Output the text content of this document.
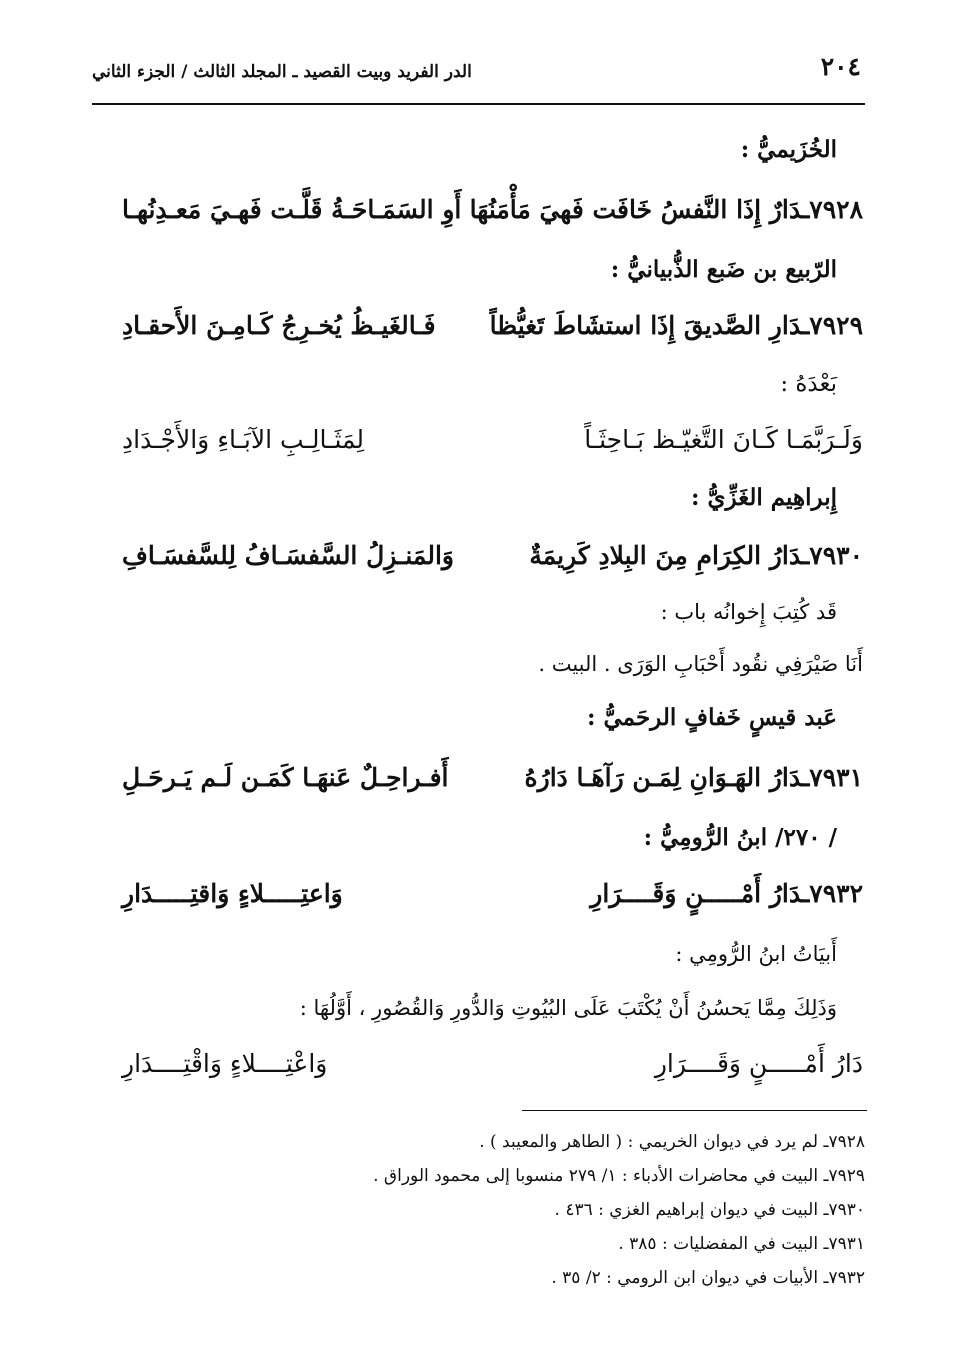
٢٠٤
الدر الفريد وبيت القصيد ـ المجلد الثالث / الجزء الثاني
الخُزَيميُّ :
٧٩٢٨ـدَارٌ إِذَا النَّفسُ خَافَت فَهيَ مَأْمَنُهَا
أَوِ السَمَـاحَـةُ قَلَّـت فَهـيَ مَعـدِنُهـا
الرّبيع بن ضَبع الذُّبيانيُّ :
٧٩٢٩ـدَارِ الصَّديقَ إِذَا استشَاطَ تَغيُّظاً
فَـالغَيـظُ يُخـرِجُ كَـامِـنَ الأَحقـادِ
بَعْدَهُ :
وَلَـرَبَّمَـا كَـانَ التَّغيّـظ بَـاحِثَـاً
لِمَثَـالِـبِ الآبَـاءِ وَالأَجْـدَادِ
إِبراهِيم الغَزِّيُّ :
٧٩٣٠ـدَارُ الكِرَامِ مِنَ البِلادِ كَرِيمَةٌ
وَالمَنـزِلُ السَّفسَـافُ لِلسَّفسَـافِ
قَد كُتِبَ إِخوانُه باب :
أَنَا صَيْرَفِي نقُود أَحْبَابِ الوَرَى . البيت .
عَبد قيسٍ خَفافٍ الرحَميُّ :
٧٩٣١ـدَارُ الهَـوَانِ لِمَـن رَآهَـا دَارُهُ
أَفـراحِـلٌ عَنهَـا كَمَـن لَـم يَـرحَـلِ
/ ٢٧٠/ ابنُ الرُّومِيُّ :
٧٩٣٢ـدَارُ أَمْـــــنٍ وَقَــــرَارِ
وَاعتِـــــلاءٍ وَاقتِـــــدَارِ
أَبيَاتُ ابنُ الرُّومِي :
وَذَلِكَ مِمَّا يَحسُنُ أَنْ يُكْتَبَ عَلَى البُيُوتِ وَالدُّورِ وَالقُصُورِ ، أَوَّلُهَا :
دَارُ أَمْـــــنٍ وَقَــــرَارِ
وَاعْتِــــلاءٍ وَاقْتِــــدَارِ
٧٩٢٨ـ لم يرد في ديوان الخريمي : ( الطاهر والمعيبد ) .
٧٩٢٩ـ البيت في محاضرات الأدباء : ١/ ٢٧٩ منسوبا إلى محمود الوراق .
٧٩٣٠ـ البيت في ديوان إبراهيم الغزي : ٤٣٦ .
٧٩٣١ـ البيت في المفضليات : ٣٨٥ .
٧٩٣٢ـ الأبيات في ديوان ابن الرومي : ٢/ ٣٥ .
